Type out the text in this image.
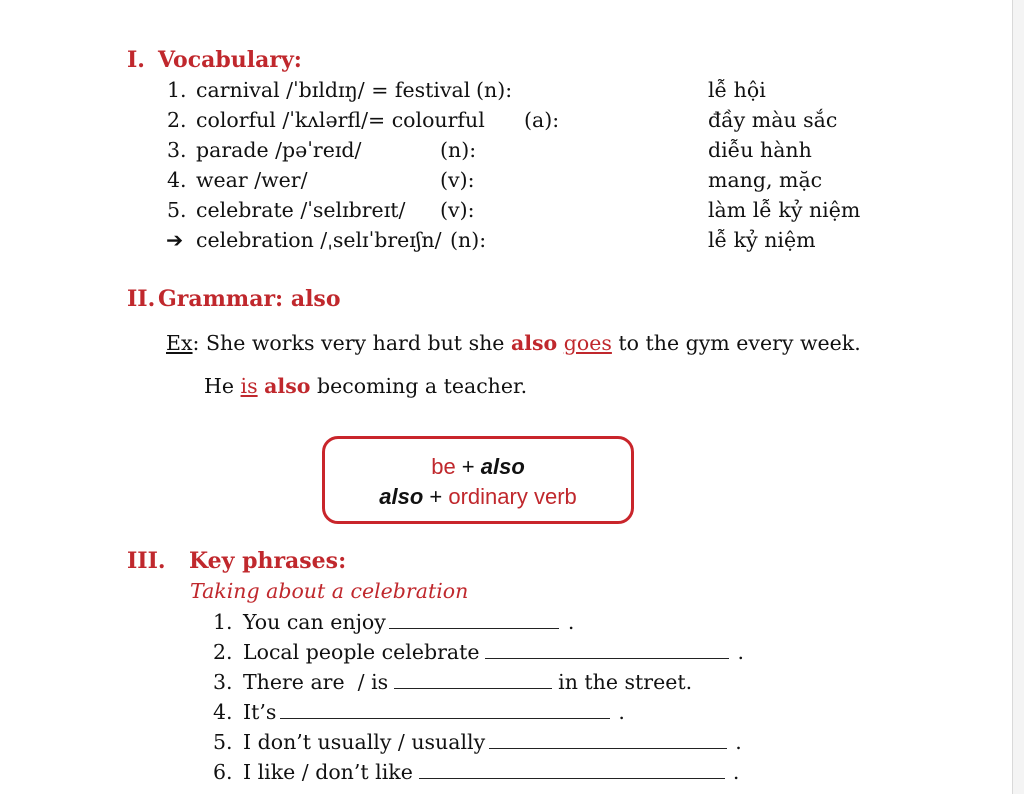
I. Vocabulary:
1. carnival /ˈbɪldɪŋ/ = festival (n):	lễ hội
2. colorful /ˈkʌlərfl/= colourful (a):	đầy màu sắc
3. parade /pəˈreɪd/	(n):	diễu hành
4. wear /wer/	(v):	mang, mặc
5. celebrate /ˈselɪbreɪt/ (v):	làm lễ kỷ niệm
➔ celebration /ˌselɪˈbreɪʃn/ (n):	lễ kỷ niệm
II. Grammar: also
Ex: She works very hard but she also goes to the gym every week.
He is also becoming a teacher.
be + also
also + ordinary verb
III. Key phrases:
Taking about a celebration
1. You can enjoy	.
2. Local people celebrate	.
3. There are  / is	in the street.
4. It’s	.
5. I don’t usually / usually	.
6. I like / don’t like	.
